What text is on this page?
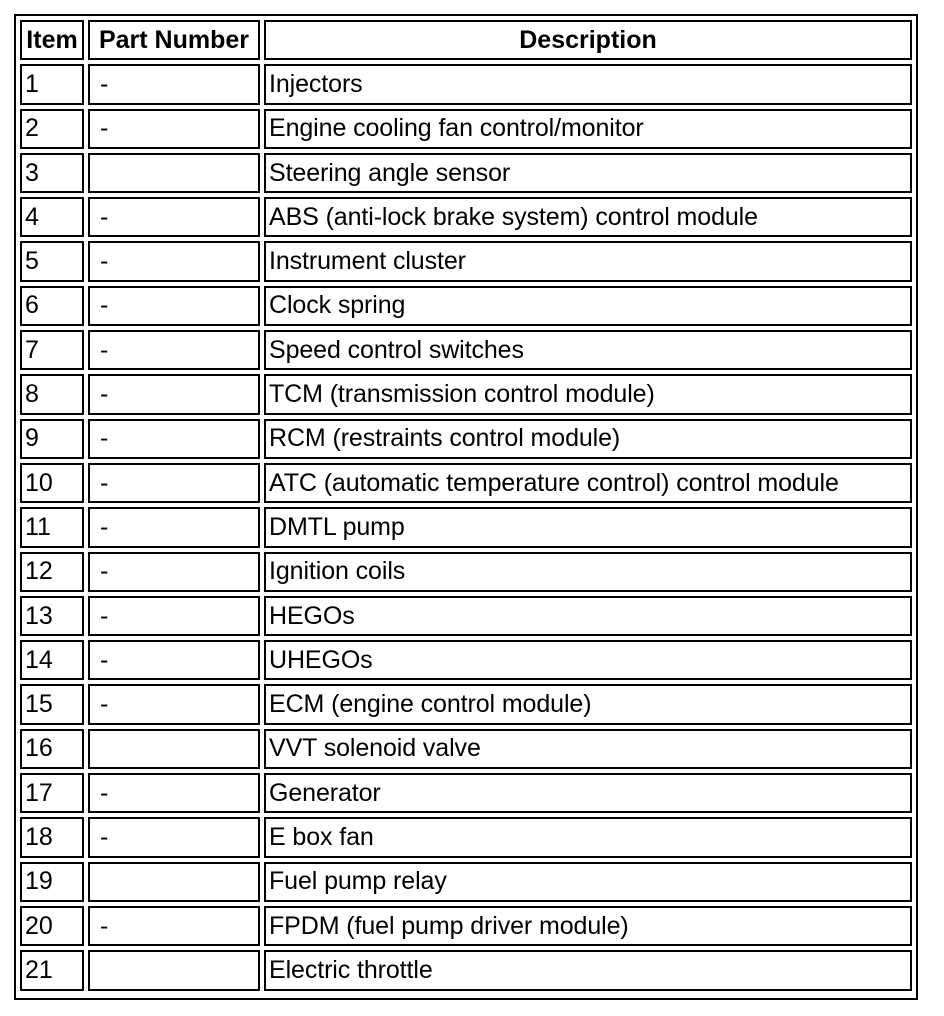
Item	Part Number	Description
1	-	Injectors
2	-	Engine cooling fan control/monitor
3		Steering angle sensor
4	-	ABS (anti-lock brake system) control module
5	-	Instrument cluster
6	-	Clock spring
7	-	Speed control switches
8	-	TCM (transmission control module)
9	-	RCM (restraints control module)
10	-	ATC (automatic temperature control) control module
11	-	DMTL pump
12	-	Ignition coils
13	-	HEGOs
14	-	UHEGOs
15	-	ECM (engine control module)
16		VVT solenoid valve
17	-	Generator
18	-	E box fan
19		Fuel pump relay
20	-	FPDM (fuel pump driver module)
21		Electric throttle
